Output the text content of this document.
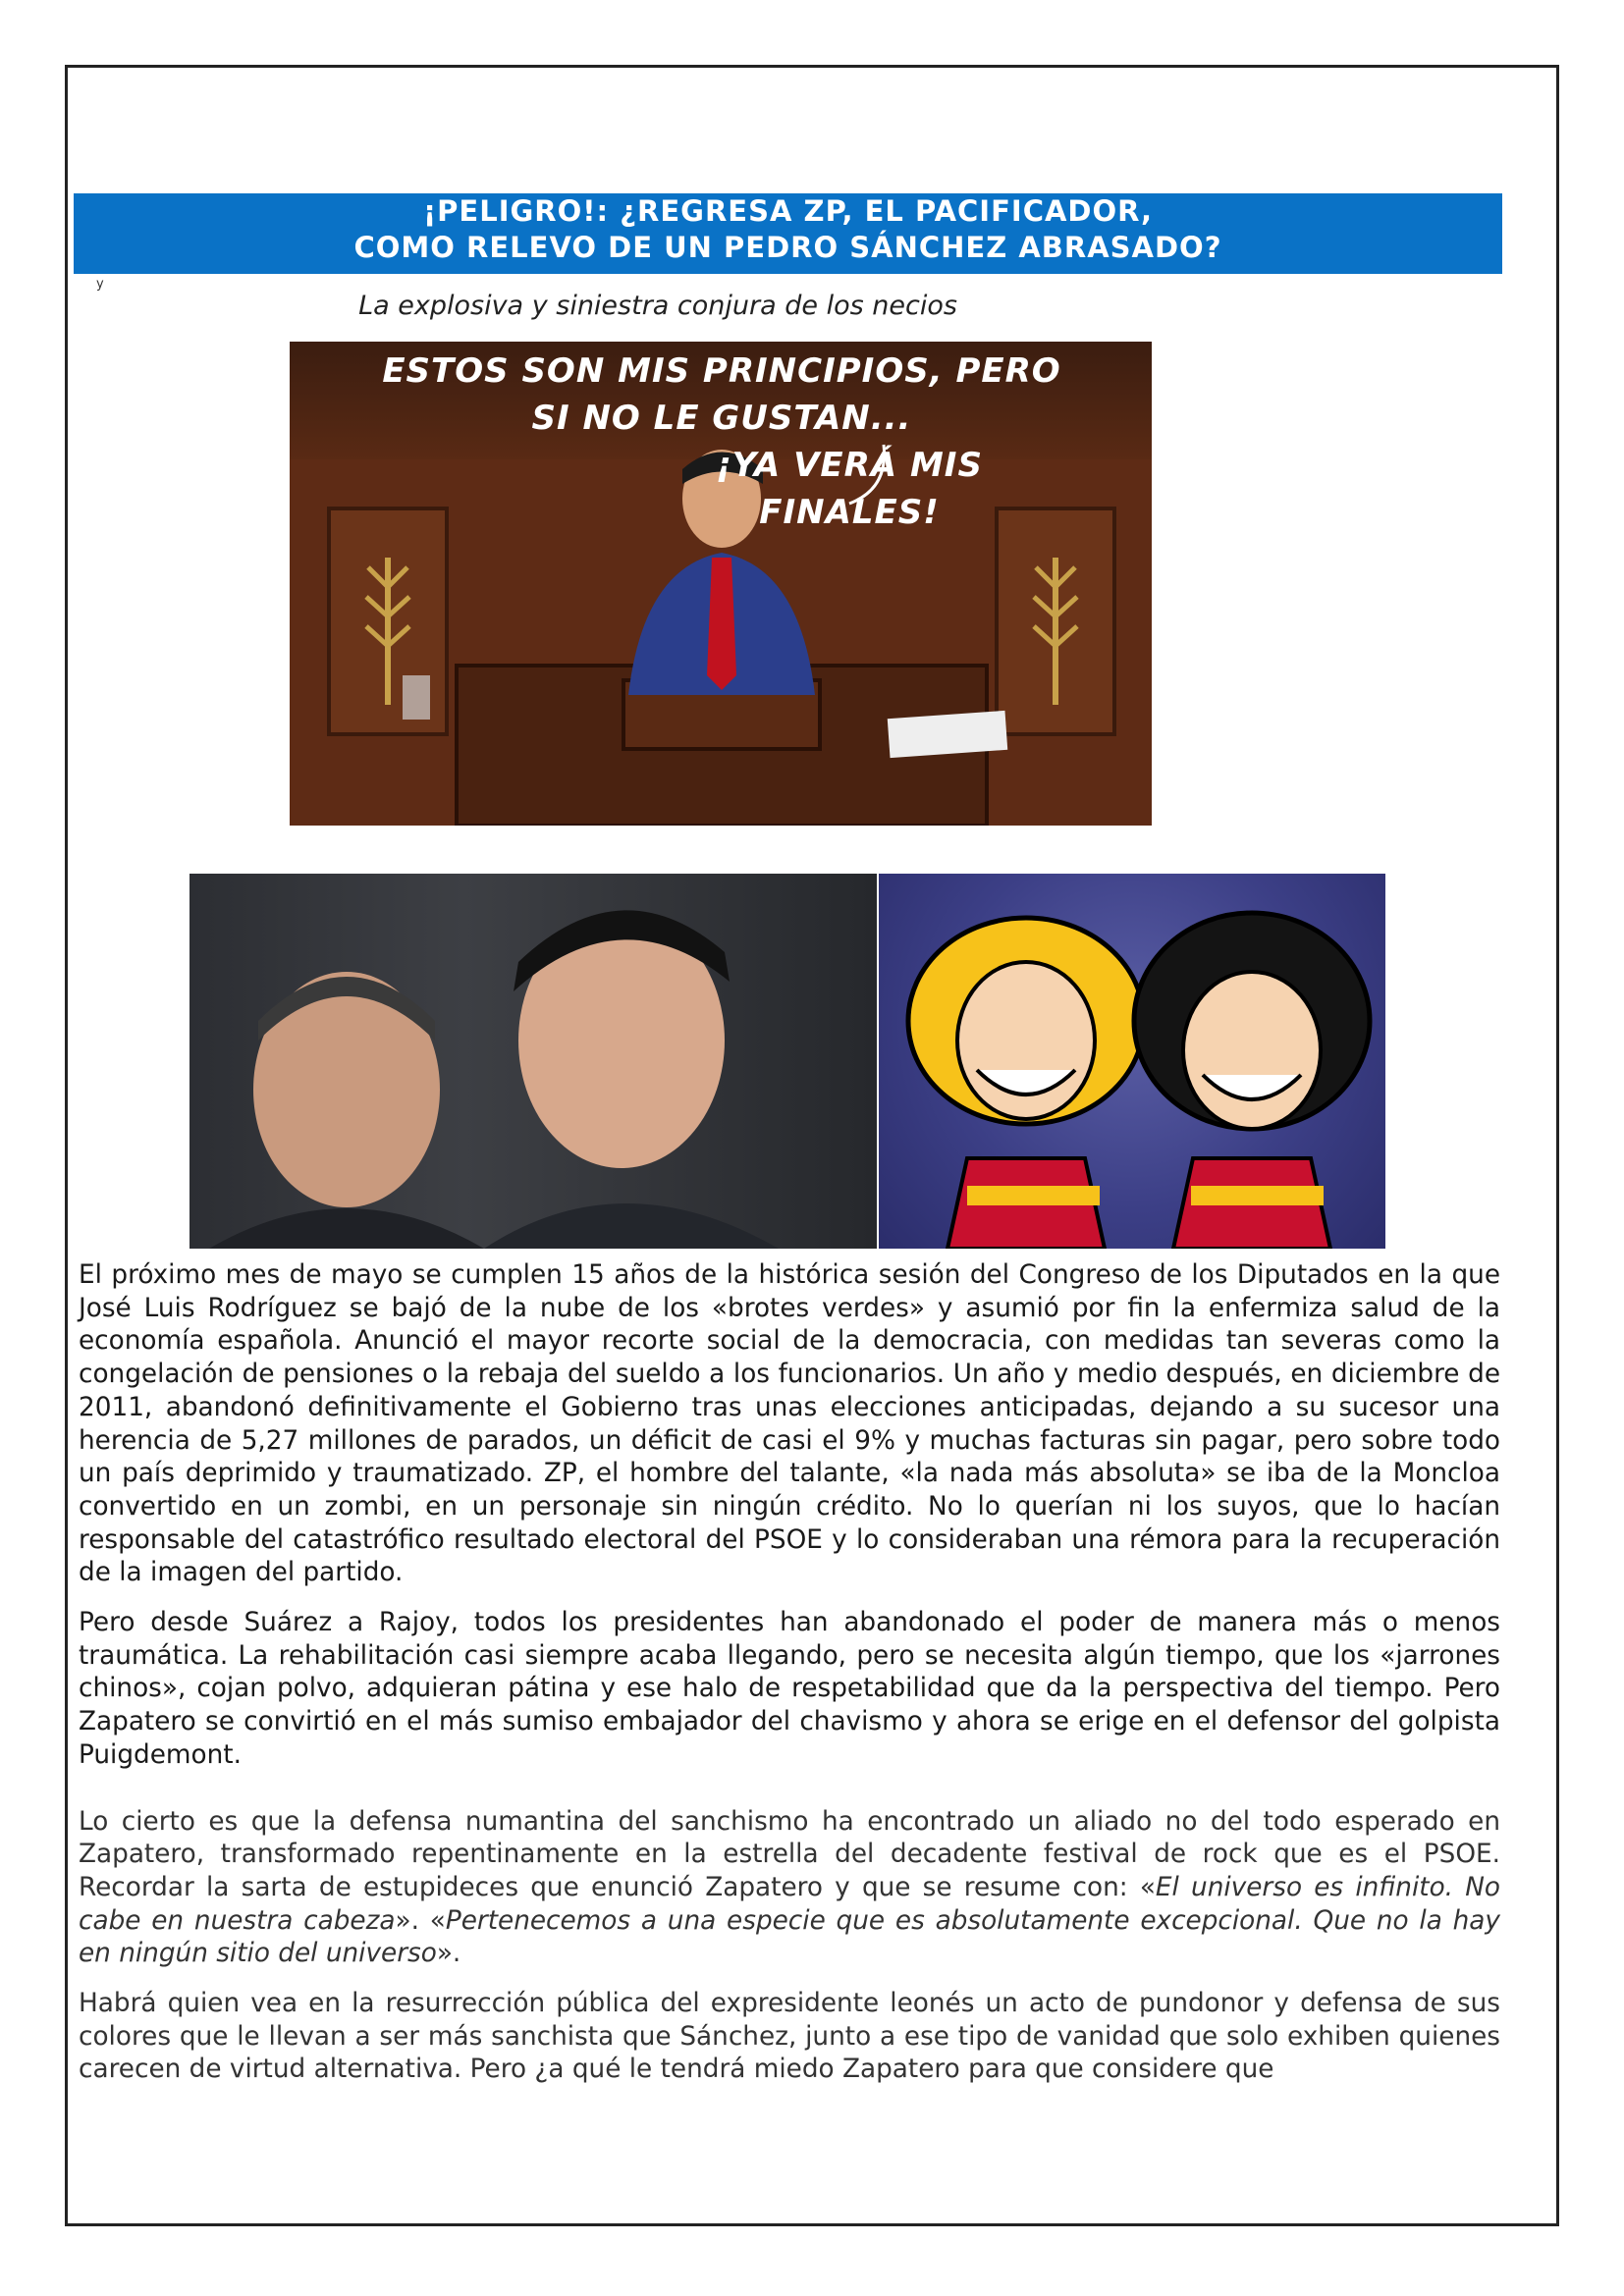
¡PELIGRO!: ¿REGRESA ZP, EL PACIFICADOR,
COMO RELEVO DE UN PEDRO SÁNCHEZ ABRASADO?
y
La explosiva y siniestra conjura de los necios
ESTOS SON MIS PRINCIPIOS, PERO SI NO LE GUSTAN...
¡YA VERÁ MIS FINALES!

El próximo mes de mayo se cumplen 15 años de la histórica sesión del Congreso de los Diputados en la que José Luis Rodríguez se bajó de la nube de los «brotes verdes» y asumió por fin la enfermiza salud de la economía española. Anunció el mayor recorte social de la democracia, con medidas tan severas como la congelación de pensiones o la rebaja del sueldo a los funcionarios. Un año y medio después, en diciembre de 2011, abandonó definitivamente el Gobierno tras unas elecciones anticipadas, dejando a su sucesor una herencia de 5,27 millones de parados, un déficit de casi el 9% y muchas facturas sin pagar, pero sobre todo un país deprimido y traumatizado. ZP, el hombre del talante, «la nada más absoluta» se iba de la Moncloa convertido en un zombi, en un personaje sin ningún crédito. No lo querían ni los suyos, que lo hacían responsable del catastrófico resultado electoral del PSOE y lo consideraban una rémora para la recuperación de la imagen del partido.

Pero desde Suárez a Rajoy, todos los presidentes han abandonado el poder de manera más o menos traumática. La rehabilitación casi siempre acaba llegando, pero se necesita algún tiempo, que los «jarrones chinos», cojan polvo, adquieran pátina y ese halo de respetabilidad que da la perspectiva del tiempo. Pero Zapatero se convirtió en el más sumiso embajador del chavismo y ahora se erige en el defensor del golpista Puigdemont.

Lo cierto es que la defensa numantina del sanchismo ha encontrado un aliado no del todo esperado en Zapatero, transformado repentinamente en la estrella del decadente festival de rock que es el PSOE. Recordar la sarta de estupideces que enunció Zapatero y que se resume con: «El universo es infinito. No cabe en nuestra cabeza». «Pertenecemos a una especie que es absolutamente excepcional. Que no la hay en ningún sitio del universo».

Habrá quien vea en la resurrección pública del expresidente leonés un acto de pundonor y defensa de sus colores que le llevan a ser más sanchista que Sánchez, junto a ese tipo de vanidad que solo exhiben quienes carecen de virtud alternativa. Pero ¿a qué le tendrá miedo Zapatero para que considere que
